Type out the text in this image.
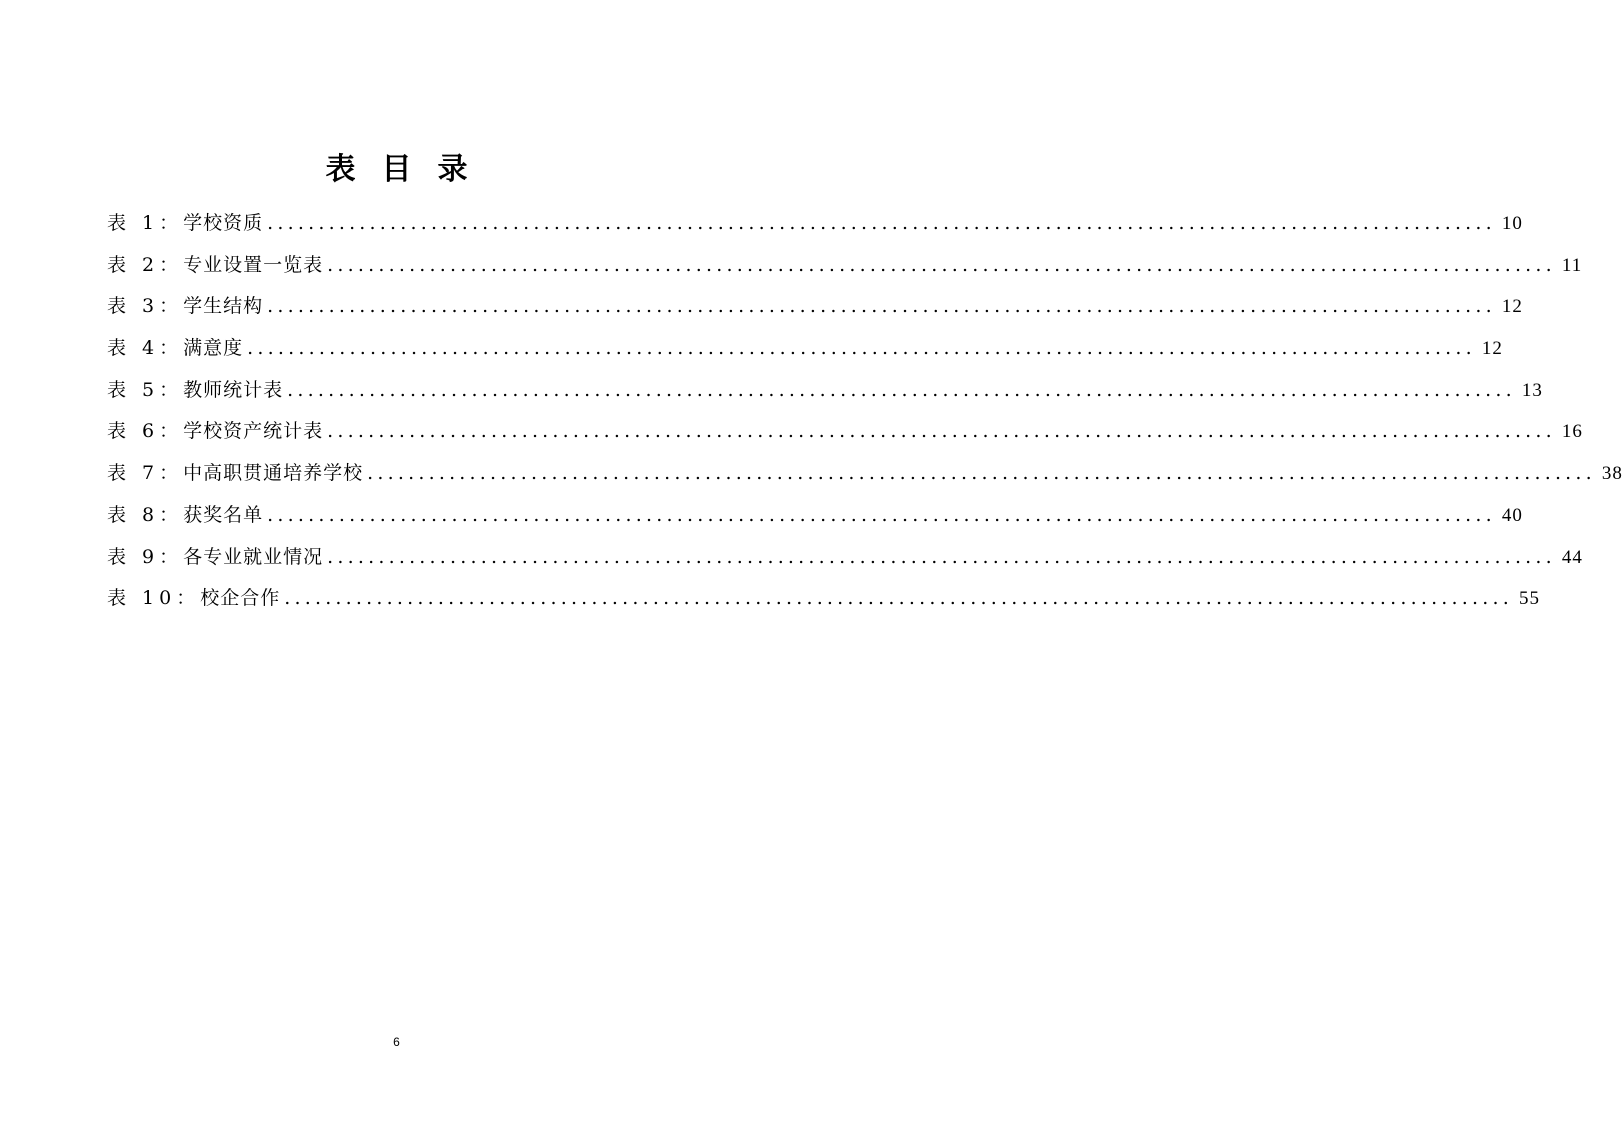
表目录
表 1： 学校资质 ........................................................................................................................ 10
表 2： 专业设置一览表 ........................................................................................................................ 11
表 3： 学生结构 ........................................................................................................................ 12
表 4： 满意度 ........................................................................................................................ 12
表 5： 教师统计表 ........................................................................................................................ 13
表 6： 学校资产统计表 ........................................................................................................................ 16
表 7： 中高职贯通培养学校 ........................................................................................................................ 38
表 8： 获奖名单 ........................................................................................................................ 40
表 9： 各专业就业情况 ........................................................................................................................ 44
表 10： 校企合作 ........................................................................................................................ 55
6
